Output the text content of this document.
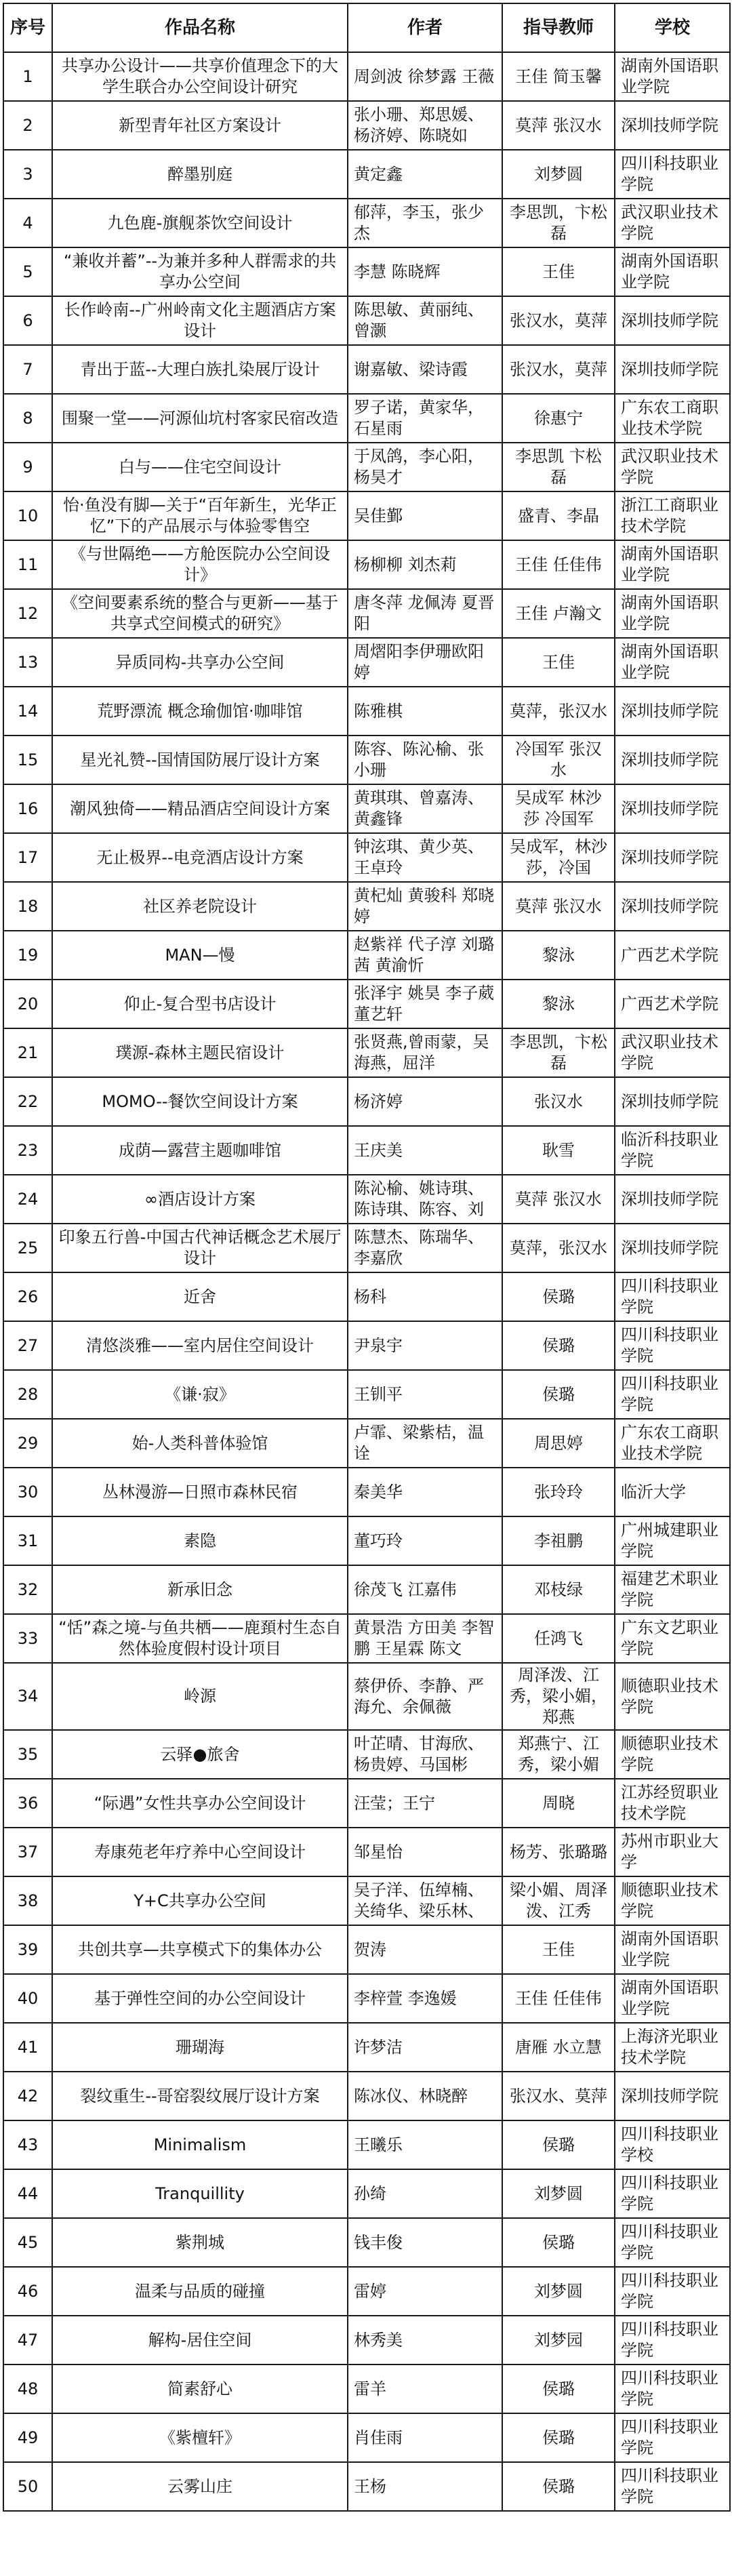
序号	作品名称	作者	指导教师	学校
1	共享办公设计——共享价值理念下的大学生联合办公空间设计研究	周剑波 徐梦露 王薇	王佳 简玉馨	湖南外国语职业学院
2	新型青年社区方案设计	张小珊、郑思媛、杨济婷、陈晓如	莫萍 张汉水	深圳技师学院
3	醉墨别庭	黄定鑫	刘梦圆	四川科技职业学院
4	九色鹿-旗舰茶饮空间设计	郁萍，李玉，张少杰	李思凯，卞松磊	武汉职业技术学院
5	“兼收并蓄”--为兼并多种人群需求的共享办公空间	李慧 陈晓辉	王佳	湖南外国语职业学院
6	长作岭南--广州岭南文化主题酒店方案设计	陈思敏、黄丽纯、曾灏	张汉水，莫萍	深圳技师学院
7	青出于蓝--大理白族扎染展厅设计	谢嘉敏、梁诗霞	张汉水，莫萍	深圳技师学院
8	围聚一堂——河源仙坑村客家民宿改造	罗子诺，黄家华，石星雨	徐惠宁	广东农工商职业技术学院
9	白与——住宅空间设计	于凤鸽，李心阳，杨昊才	李思凯 卞松磊	武汉职业技术学院
10	怡·鱼没有脚—关于“百年新生，光华正忆”下的产品展示与体验零售空	吴佳鄞	盛青、李晶	浙江工商职业技术学院
11	《与世隔绝——方舱医院办公空间设计》	杨柳柳 刘杰莉	王佳 任佳伟	湖南外国语职业学院
12	《空间要素系统的整合与更新——基于共享式空间模式的研究》	唐冬萍 龙佩涛 夏晋阳	王佳 卢瀚文	湖南外国语职业学院
13	异质同构-共享办公空间	周熠阳李伊珊欧阳婷	王佳	湖南外国语职业学院
14	荒野漂流 概念瑜伽馆·咖啡馆	陈雅棋	莫萍，张汉水	深圳技师学院
15	星光礼赞--国情国防展厅设计方案	陈容、陈沁榆、张小珊	冷国军 张汉水	深圳技师学院
16	潮风独倚——精品酒店空间设计方案	黄琪琪、曾嘉涛、黄鑫锋	吴成军 林沙莎 冷国军	深圳技师学院
17	无止极界--电竞酒店设计方案	钟泫琪、黄少英、王卓玲	吴成军，林沙莎，冷国	深圳技师学院
18	社区养老院设计	黄杞灿 黄骏科 郑晓婷	莫萍 张汉水	深圳技师学院
19	MAN—慢	赵紫祥 代子淳 刘璐茜 黄渝忻	黎泳	广西艺术学院
20	仰止-复合型书店设计	张泽宇 姚昊 李子葳 董艺轩	黎泳	广西艺术学院
21	璞源-森林主题民宿设计	张贤燕,曾雨蒙，吴海燕，屈洋	李思凯，卞松磊	武汉职业技术学院
22	MOMO--餐饮空间设计方案	杨济婷	张汉水	深圳技师学院
23	成荫—露营主题咖啡馆	王庆美	耿雪	临沂科技职业学院
24	∞酒店设计方案	陈沁榆、姚诗琪、陈诗琪、陈容、刘	莫萍 张汉水	深圳技师学院
25	印象五行兽-中国古代神话概念艺术展厅设计	陈慧杰、陈瑞华、李嘉欣	莫萍，张汉水	深圳技师学院
26	近舍	杨科	侯璐	四川科技职业学院
27	清悠淡雅——室内居住空间设计	尹泉宇	侯璐	四川科技职业学院
28	《谦·寂》	王钏平	侯璐	四川科技职业学院
29	始-人类科普体验馆	卢霏、梁紫桔，温诠	周思婷	广东农工商职业技术学院
30	丛林漫游—日照市森林民宿	秦美华	张玲玲	临沂大学
31	素隐	董巧玲	李祖鹏	广州城建职业学院
32	新承旧念	徐茂飞 江嘉伟	邓枝绿	福建艺术职业学院
33	“恬”森之境-与鱼共栖——鹿頚村生态自然体验度假村设计项目	黄景浩 方田美 李智鹏 王星霖 陈文	任鸿飞	广东文艺职业学院
34	岭源	蔡伊侨、李静、严海允、余佩薇	周泽泼、江秀，梁小媚，郑燕	顺德职业技术学院
35	云驿●旅舍	叶芷晴、甘海欣、杨贵婷、马国彬	郑燕宁、江秀，梁小媚	顺德职业技术学院
36	“际遇”女性共享办公空间设计	汪莹；王宁	周晓	江苏经贸职业技术学院
37	寿康苑老年疗养中心空间设计	邹星怡	杨芳、张璐璐	苏州市职业大学
38	Y+C共享办公空间	吴子洋、伍绰楠、关绮华、梁乐林、	梁小媚、周泽泼、江秀	顺德职业技术学院
39	共创共享—共享模式下的集体办公	贺涛	王佳	湖南外国语职业学院
40	基于弹性空间的办公空间设计	李梓萱 李逸媛	王佳 任佳伟	湖南外国语职业学院
41	珊瑚海	许梦洁	唐雁 水立慧	上海济光职业技术学院
42	裂纹重生--哥窑裂纹展厅设计方案	陈冰仪、林晓醉	张汉水、莫萍	深圳技师学院
43	Minimalism	王曦乐	侯璐	四川科技职业学校
44	Tranquillity	孙绮	刘梦圆	四川科技职业学院
45	紫荆城	钱丰俊	侯璐	四川科技职业学院
46	温柔与品质的碰撞	雷婷	刘梦圆	四川科技职业学院
47	解构-居住空间	林秀美	刘梦园	四川科技职业学院
48	简素舒心	雷羊	侯璐	四川科技职业学院
49	《紫檀轩》	肖佳雨	侯璐	四川科技职业学院
50	云雾山庄	王杨	侯璐	四川科技职业学院
